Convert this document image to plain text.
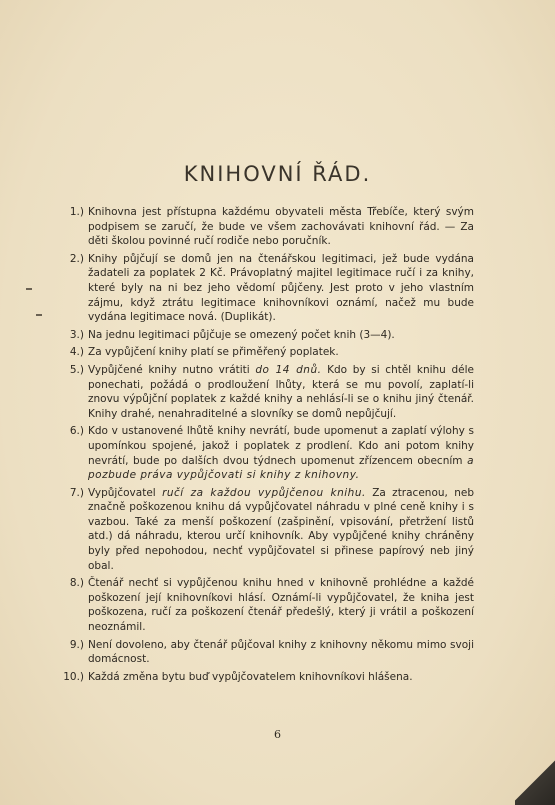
KNIHOVNÍ ŘÁD.
1.) Knihovna jest přístupna každému obyvateli města Třebíče, který svým podpisem se zaručí, že bude ve všem zachovávati knihovní řád. — Za děti školou povinné ručí rodiče nebo poručník.
2.) Knihy půjčují se domů jen na čtenářskou legitimaci, jež bude vydána žadateli za poplatek 2 Kč. Právoplatný majitel legitimace ručí i za knihy, které byly na ni bez jeho vědomí půjčeny. Jest proto v jeho vlastním zájmu, když ztrátu legitimace knihovníkovi oznámí, načež mu bude vydána legitimace nová. (Duplikát).
3.) Na jednu legitimaci půjčuje se omezený počet knih (3—4).
4.) Za vypůjčení knihy platí se přiměřený poplatek.
5.) Vypůjčené knihy nutno vrátiti do 14 dnů. Kdo by si chtěl knihu déle ponechati, požádá o prodloužení lhůty, která se mu povolí, zaplatí-li znovu výpůjční poplatek z každé knihy a nehlásí-li se o knihu jiný čtenář. Knihy drahé, nenahraditelné a slovníky se domů nepůjčují.
6.) Kdo v ustanovené lhůtě knihy nevrátí, bude upomenut a zaplatí výlohy s upomínkou spojené, jakož i poplatek z prodlení. Kdo ani potom knihy nevrátí, bude po dalších dvou týdnech upomenut zřízencem obecním a pozbude práva vypůjčovati si knihy z knihovny.
7.) Vypůjčovatel ručí za každou vypůjčenou knihu. Za ztracenou, neb značně poškozenou knihu dá vypůjčovatel náhradu v plné ceně knihy i s vazbou. Také za menší poškození (zašpinění, vpisování, přetržení listů atd.) dá náhradu, kterou určí knihovník. Aby vypůjčené knihy chráněny byly před nepohodou, nechť vypůjčovatel si přinese papírový neb jiný obal.
8.) Čtenář nechť si vypůjčenou knihu hned v knihovně prohlédne a každé poškození její knihovníkovi hlásí. Oznámí-li vypůjčovatel, že kniha jest poškozena, ručí za poškození čtenář předešlý, který ji vrátil a poškození neoznámil.
9.) Není dovoleno, aby čtenář půjčoval knihy z knihovny někomu mimo svoji domácnost.
10.) Každá změna bytu buď vypůjčovatelem knihovníkovi hlášena.
6
